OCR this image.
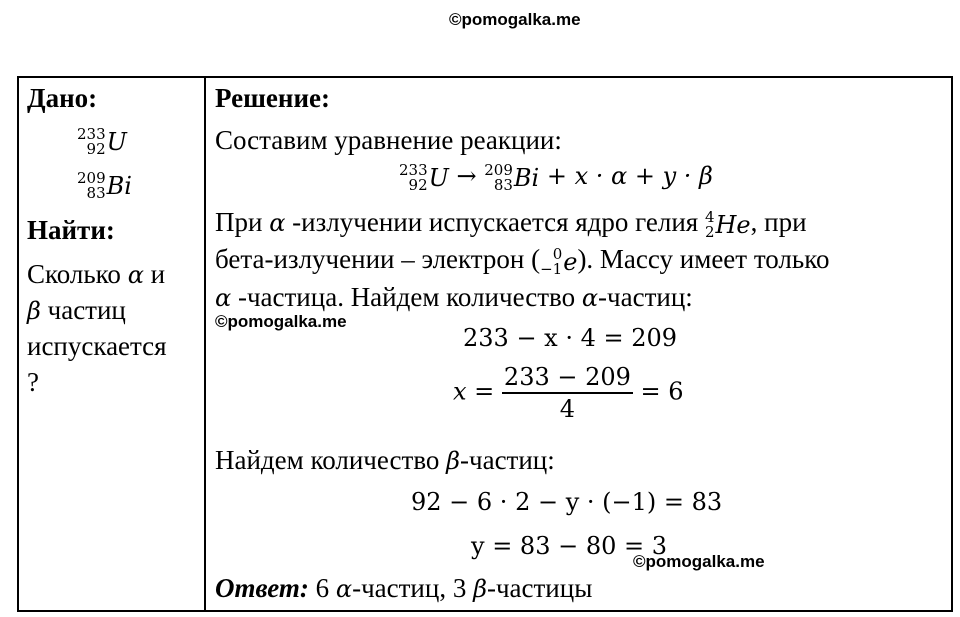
©pomogalka.me
Дано:
233
92 U
209
83 Bi
Найти:
Сколько α и
β частиц
испускается
?
Решение:
Составим уравнение реакции:
233
92 U → 209
83 Bi + x · α + y · β
При α -излучении испускается ядро гелия 4
2 He , при
бета-излучении – электрон ( 0
−1 e ). Массу имеет только
α -частица. Найдем количество α-частиц:
233 − x · 4 = 209
$x = \frac{233 - 209}{4} = 6$
Найдем количество β-частиц:
92 − 6 · 2 − y · (−1) = 83
y = 83 − 80 = 3
Ответ: 6 α-частиц, 3 β-частицы
©pomogalka.me
©pomogalka.me
